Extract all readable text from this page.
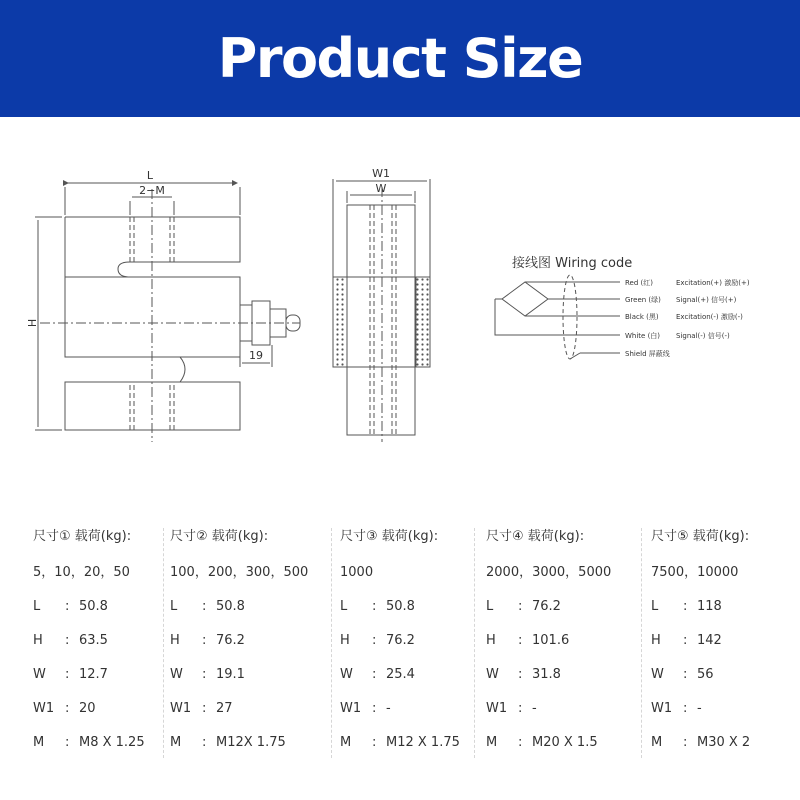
Product Size
L
2−M
H
19
W1
W
接线图 Wiring code
Red (红)	Excitation(+) 激励(+)
Green (绿) Signal(+) 信号(+)
Black (黑) Excitation(-) 激励(-)
White (白) Signal(-) 信号(-)
Shield 屏蔽线
尺寸① 载荷(kg):
5，10，20，50
L	: 50.8
H	: 63.5
W	: 12.7
W1 : 20
M	: M8 X 1.25
尺寸② 载荷(kg):
100，200，300，500
L	: 50.8
H	: 76.2
W	: 19.1
W1 : 27
M	: M12X 1.75
尺寸③ 载荷(kg):
1000
L	: 50.8
H	: 76.2
W	: 25.4
W1 : -
M	: M12 X 1.75
尺寸④ 载荷(kg):
2000，3000，5000
L	: 76.2
H	: 101.6
W	: 31.8
W1 : -
M	: M20 X 1.5
尺寸⑤ 载荷(kg):
7500，10000
L	: 118
H	: 142
W	: 56
W1 : -
M	: M30 X 2
